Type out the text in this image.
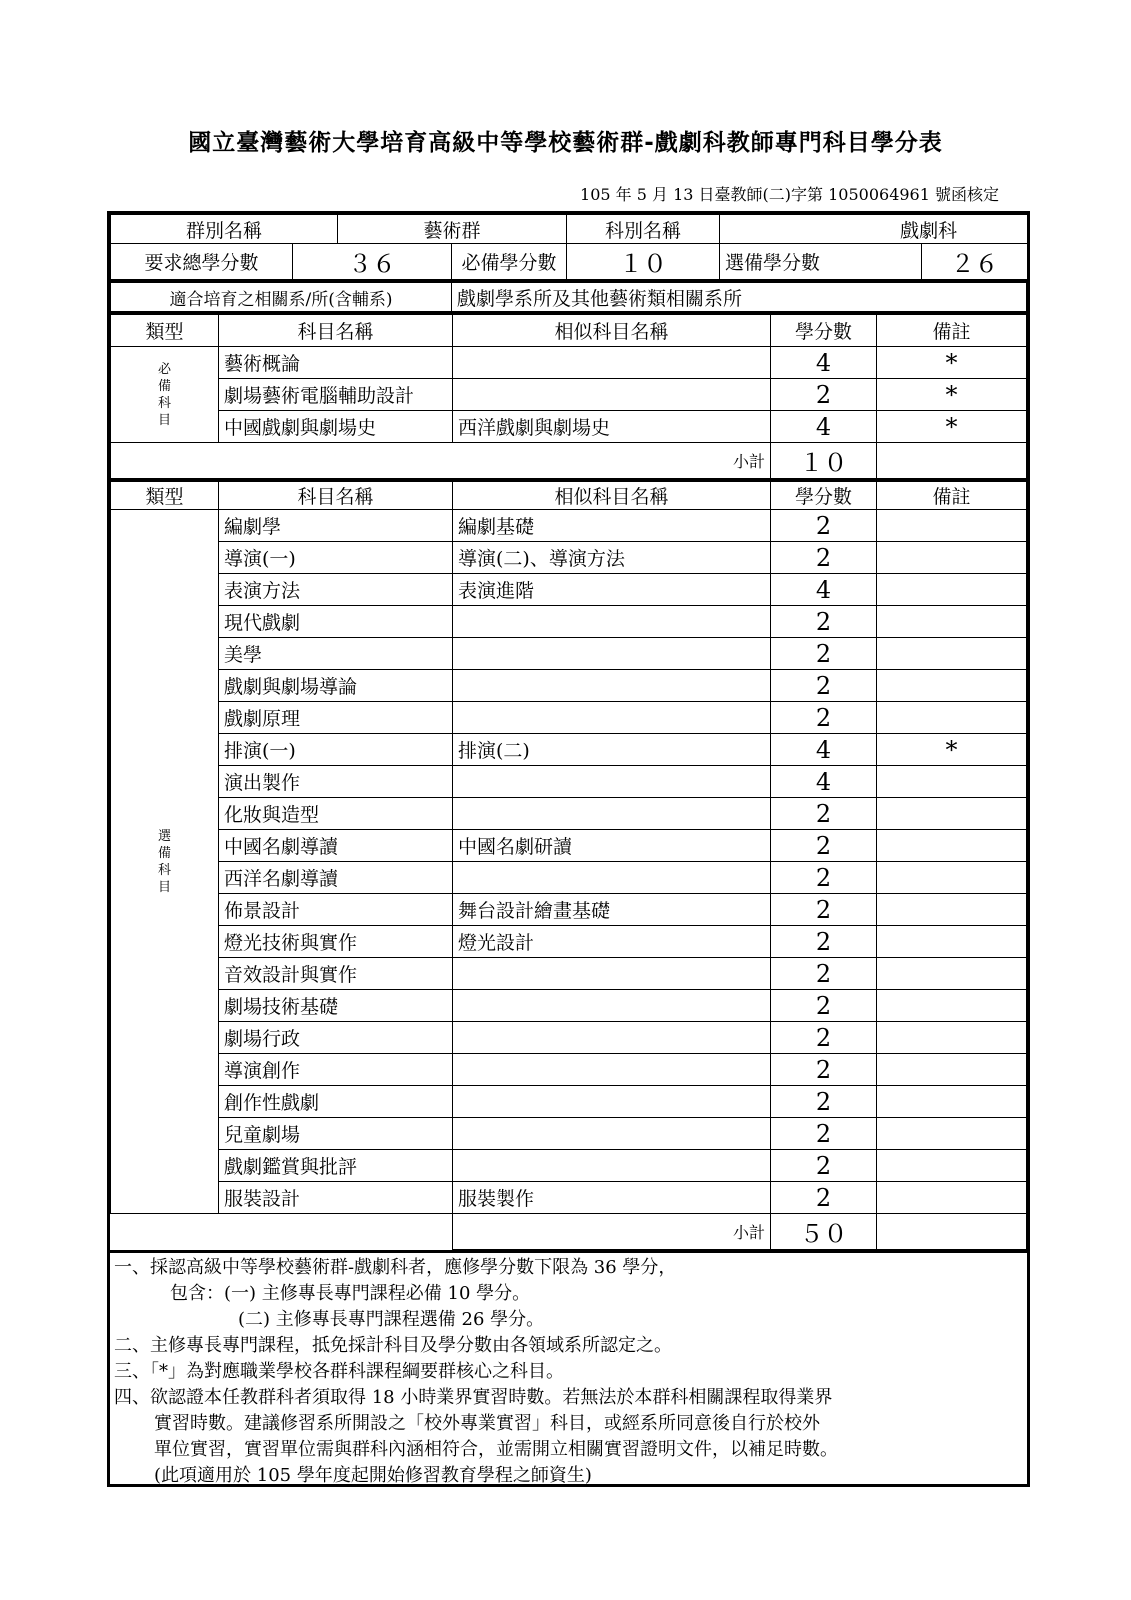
國立臺灣藝術大學培育高級中等學校藝術群-戲劇科教師專門科目學分表
105 年 5 月 13 日臺教師(二)字第 1050064961 號函核定
群別名稱		藝術群		科別名稱	戲劇科	
要求總學分數	３６		必備學分數	１０	選備學分數	２６
適合培育之相關系/所(含輔系)	戲劇學系所及其他藝術類相關系所
類型	科目名稱	相似科目名稱	學分數	備註

必
備
科
目	藝術概論		4	*
	劇場藝術電腦輔助設計		2	*
	中國戲劇與劇場史	西洋戲劇與劇場史	4	*
小計			１０	
類型	科目名稱	相似科目名稱	學分數	備註

選
備
科
目	編劇學	編劇基礎	2	
	導演(一)	導演(二)、導演方法	2	
	表演方法	表演進階	4	
	現代戲劇		2	
	美學		2	
	戲劇與劇場導論		2	
	戲劇原理		2	
	排演(一)	排演(二)	4	*
	演出製作		4	
	化妝與造型		2	
	中國名劇導讀	中國名劇研讀	2	
	西洋名劇導讀		2	
	佈景設計	舞台設計繪畫基礎	2	
	燈光技術與實作	燈光設計	2	
	音效設計與實作		2	
	劇場技術基礎		2	
	劇場行政		2	
	導演創作		2	
	創作性戲劇		2	
	兒童劇場		2	
	戲劇鑑賞與批評		2	
	服裝設計	服裝製作	2	
		小計	５０	
一、採認高級中等學校藝術群-戲劇科者，應修學分數下限為 36 學分，
包含：(一) 主修專長專門課程必備 10 學分。
(二) 主修專長專門課程選備 26 學分。
二、主修專長專門課程，抵免採計科目及學分數由各領域系所認定之。
三、「*」為對應職業學校各群科課程綱要群核心之科目。
四、欲認證本任教群科者須取得 18 小時業界實習時數。若無法於本群科相關課程取得業界
實習時數。建議修習系所開設之「校外專業實習」科目，或經系所同意後自行於校外
單位實習，實習單位需與群科內涵相符合，並需開立相關實習證明文件，以補足時數。
(此項適用於 105 學年度起開始修習教育學程之師資生)
